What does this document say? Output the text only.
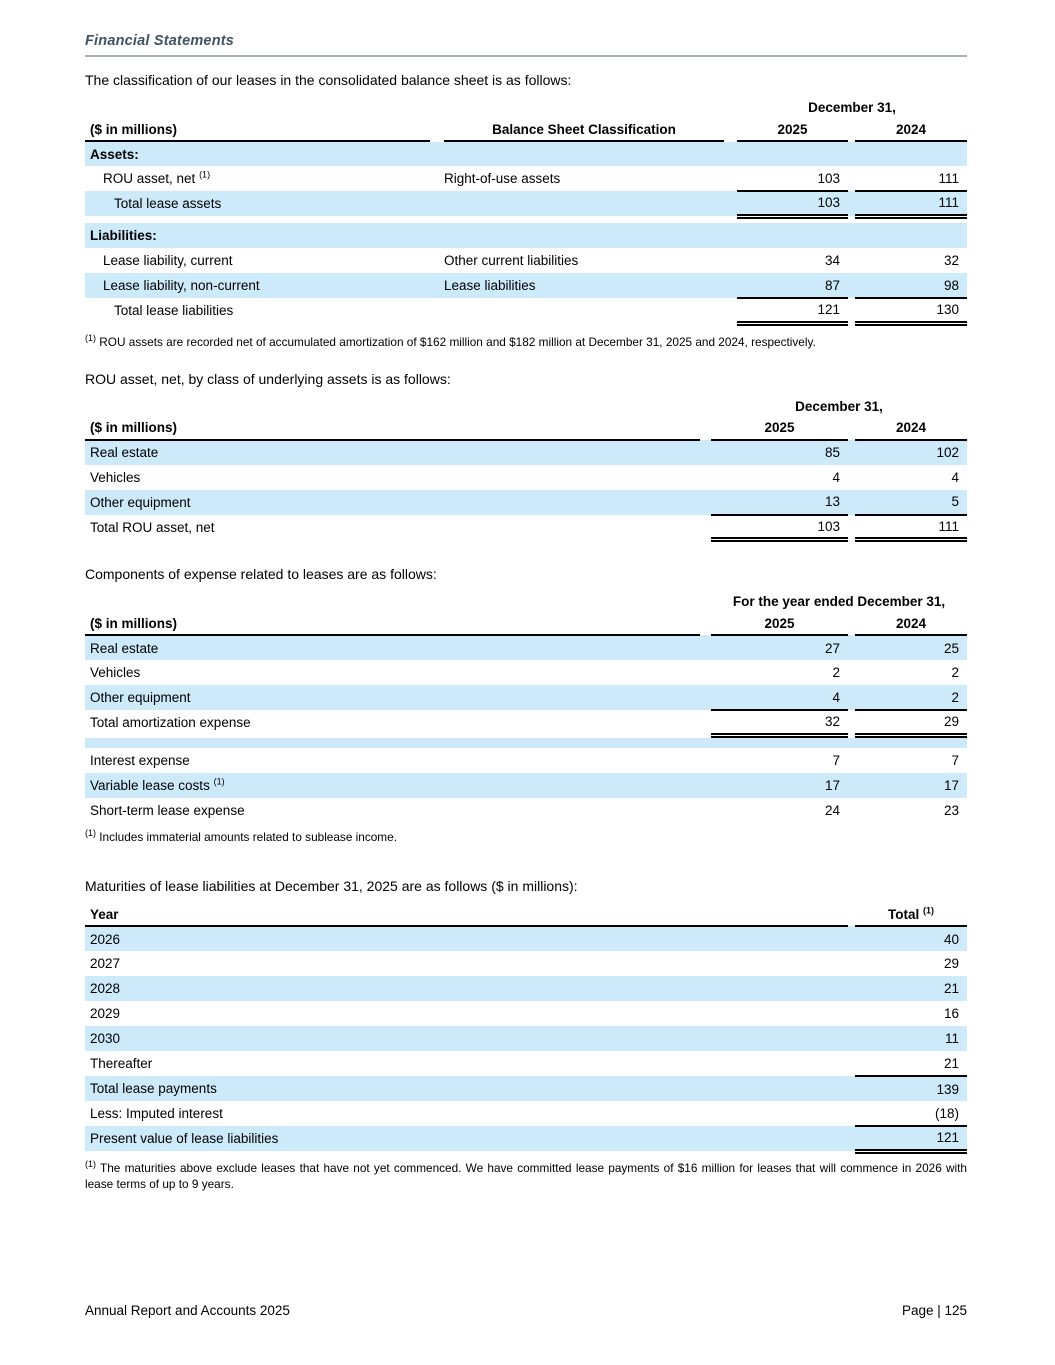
Financial Statements

The classification of our leases in the consolidated balance sheet is as follows:

				December 31,		
($ in millions)		Balance Sheet Classification		2025		2024
Assets:						
ROU asset, net $^{(1)}$		Right-of-use assets		103		111
Total lease assets				103		111

Liabilities:						
Lease liability, current		Other current liabilities		34		32
Lease liability, non-current		Lease liabilities		87		98
Total lease liabilities				121		130

$^{(1)}$ ROU assets are recorded net of accumulated amortization of $162 million and $182 million at December 31, 2025 and 2024, respectively.

ROU asset, net, by class of underlying assets is as follows:

		December 31,		
($ in millions)		2025		2024
Real estate		85		102
Vehicles		4		4
Other equipment		13		5
Total ROU asset, net		103		111

Components of expense related to leases are as follows:

		For the year ended December 31,		
($ in millions)		2025		2024
Real estate		27		25
Vehicles		2		2
Other equipment		4		2
Total amortization expense		32		29

Interest expense		7		7
Variable lease costs $^{(1)}$		17		17
Short-term lease expense		24		23

$^{(1)}$ Includes immaterial amounts related to sublease income.

Maturities of lease liabilities at December 31, 2025 are as follows ($ in millions):

Year		Total $^{(1)}$
2026		40
2027		29
2028		21
2029		16
2030		11
Thereafter		21
Total lease payments		139
Less: Imputed interest		(18)
Present value of lease liabilities		121

$^{(1)}$ The maturities above exclude leases that have not yet commenced. We have committed lease payments of $16 million for leases that will commence in 2026 with lease terms of up to 9 years.

Annual Report and Accounts 2025	Page | 125
